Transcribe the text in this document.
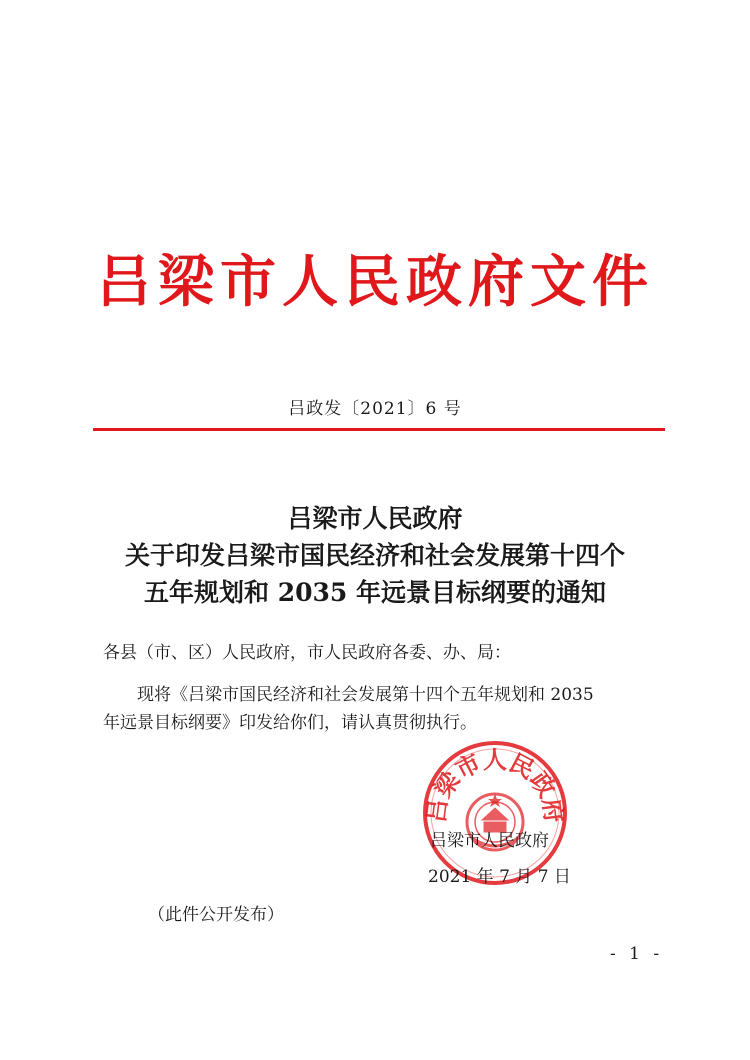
吕梁市人民政府文件
吕政发〔2021〕6 号
吕梁市人民政府
关于印发吕梁市国民经济和社会发展第十四个
五年规划和 2035 年远景目标纲要的通知
各县（市、区）人民政府，市人民政府各委、办、局：
现将《吕梁市国民经济和社会发展第十四个五年规划和 2035
年远景目标纲要》印发给你们，请认真贯彻执行。
吕梁市人民政府
吕梁市人民政府
2021 年 7 月 7 日
（此件公开发布）
- 1 -
